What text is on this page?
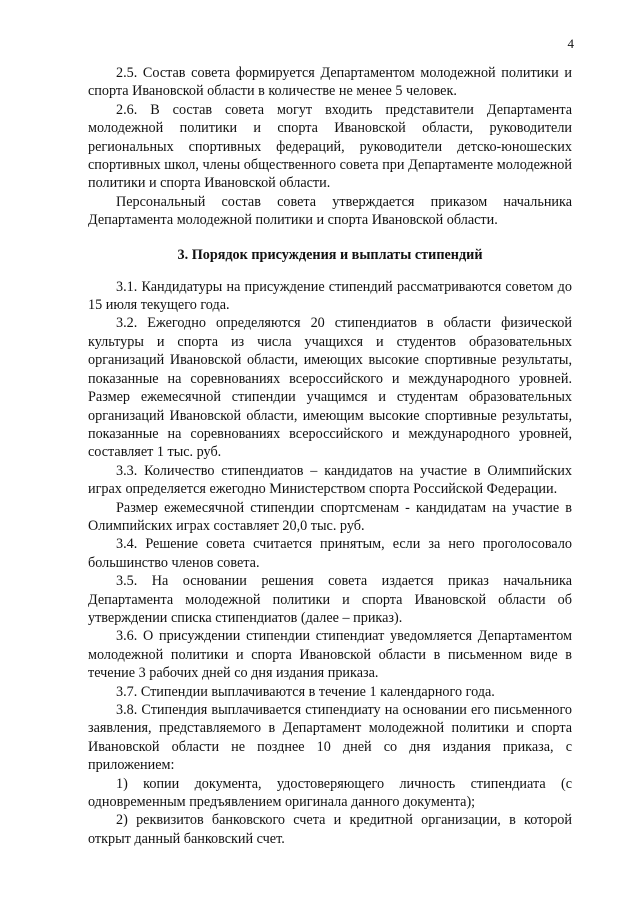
4

2.5. Состав совета формируется Департаментом молодежной политики и спорта Ивановской области в количестве не менее 5 человек.

2.6. В состав совета могут входить представители Департамента молодежной политики и спорта Ивановской области, руководители региональных спортивных федераций, руководители детско-юношеских спортивных школ, члены общественного совета при Департаменте молодежной политики и спорта Ивановской области.

Персональный состав совета утверждается приказом начальника Департамента молодежной политики и спорта Ивановской области.

3. Порядок присуждения и выплаты стипендий

3.1. Кандидатуры на присуждение стипендий рассматриваются советом до 15 июля текущего года.

3.2. Ежегодно определяются 20 стипендиатов в области физической культуры и спорта из числа учащихся и студентов образовательных организаций Ивановской области, имеющих высокие спортивные результаты, показанные на соревнованиях всероссийского и международного уровней. Размер ежемесячной стипендии учащимся и студентам образовательных организаций Ивановской области, имеющим высокие спортивные результаты, показанные на соревнованиях всероссийского и международного уровней, составляет 1 тыс. руб.

3.3. Количество стипендиатов – кандидатов на участие в Олимпийских играх определяется ежегодно Министерством спорта Российской Федерации.

Размер ежемесячной стипендии спортсменам - кандидатам на участие в Олимпийских играх составляет 20,0 тыс. руб.

3.4. Решение совета считается принятым, если за него проголосовало большинство членов совета.

3.5. На основании решения совета издается приказ начальника Департамента молодежной политики и спорта Ивановской области об утверждении списка стипендиатов (далее – приказ).

3.6. О присуждении стипендии стипендиат уведомляется Департаментом молодежной политики и спорта Ивановской области в письменном виде в течение 3 рабочих дней со дня издания приказа.

3.7. Стипендии выплачиваются в течение 1 календарного года.

3.8. Стипендия выплачивается стипендиату на основании его письменного заявления, представляемого в Департамент молодежной политики и спорта Ивановской области не позднее 10 дней со дня издания приказа, с приложением:

1) копии документа, удостоверяющего личность стипендиата (с одновременным предъявлением оригинала данного документа);

2) реквизитов банковского счета и кредитной организации, в которой открыт данный банковский счет.
